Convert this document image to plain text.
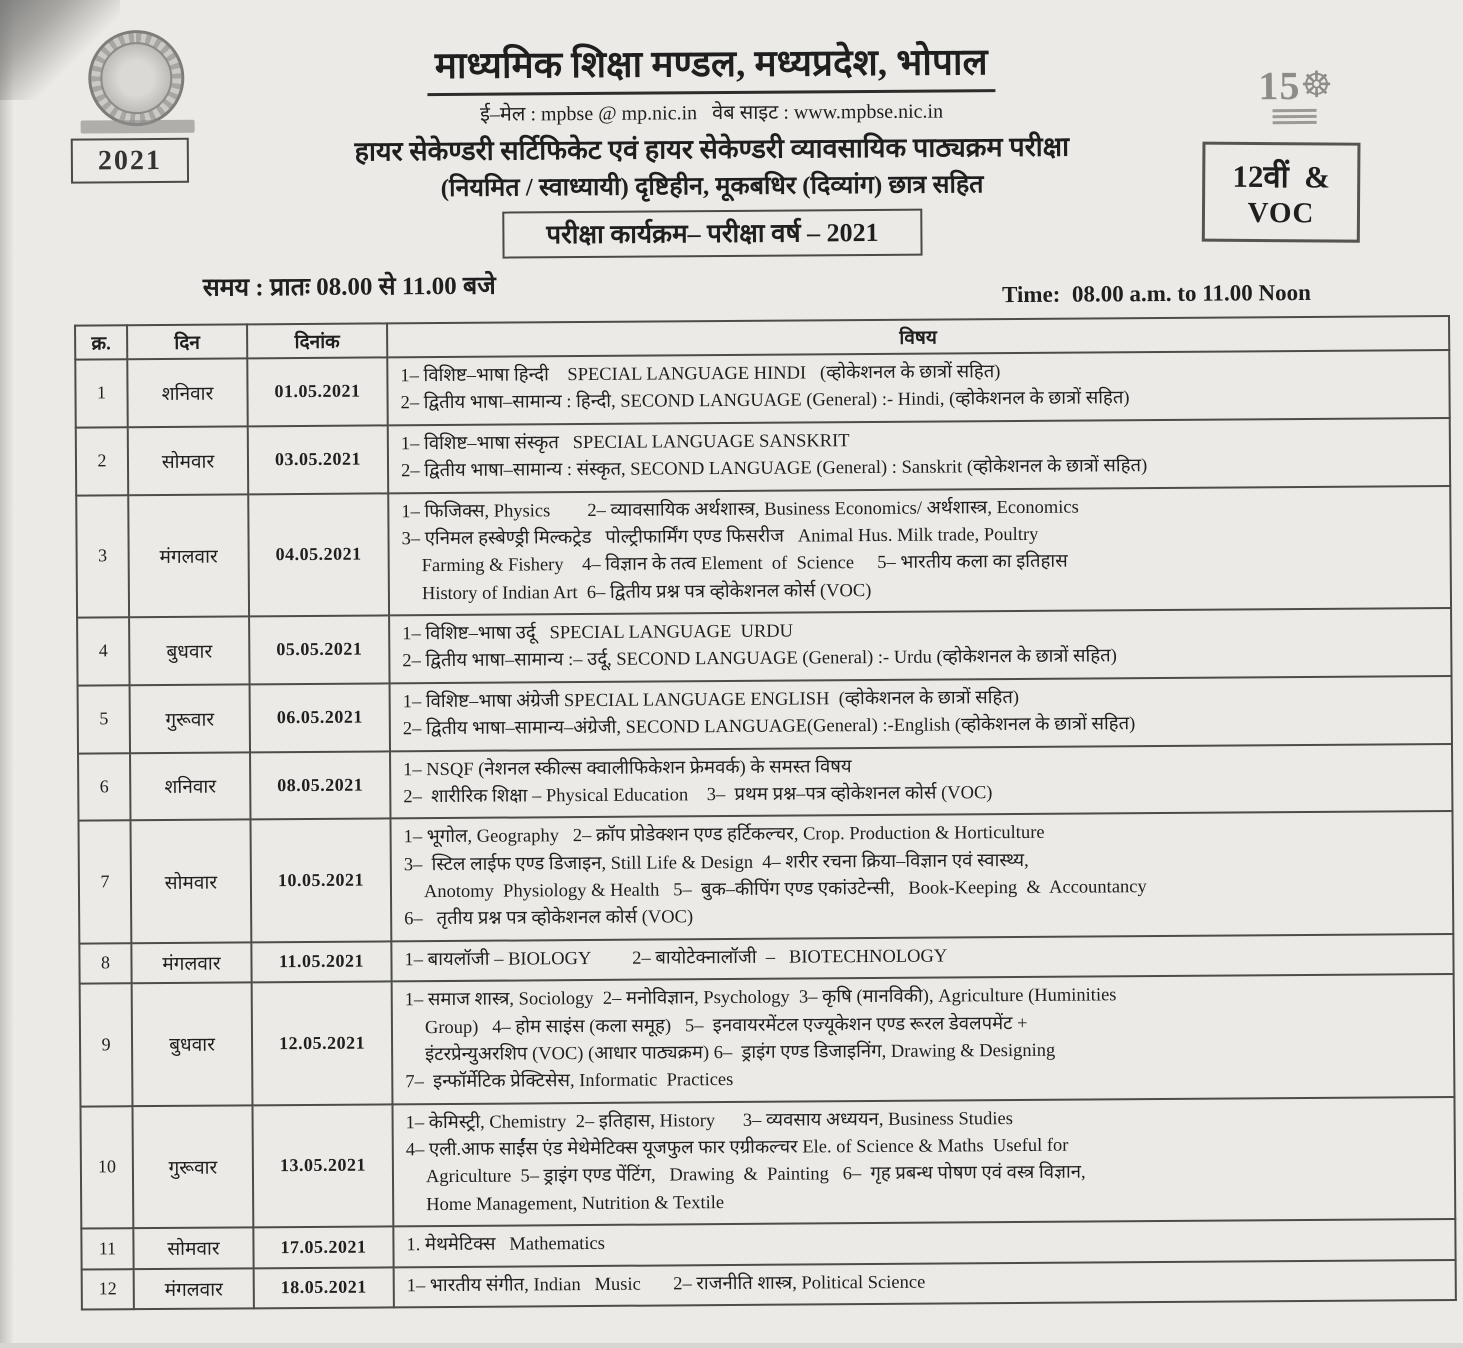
2021
माध्यमिक शिक्षा मण्डल, मध्यप्रदेश, भोपाल
ई–मेल : mpbse @ mp.nic.in   वेब साइट : www.mpbse.nic.in
हायर सेकेण्डरी सर्टिफिकेट एवं हायर सेकेण्डरी व्यावसायिक पाठ्यक्रम परीक्षा
(नियमित / स्वाध्यायी) दृष्टिहीन, मूकबधिर (दिव्यांग) छात्र सहित
परीक्षा कार्यक्रम– परीक्षा वर्ष – 2021
15☸
12वीं  &
VOC
समय : प्रातः 08.00 से 11.00 बजे	Time:  08.00 a.m. to 11.00 Noon
क्र.	दिन	दिनांक	विषय
1	शनिवार	01.05.2021	1– विशिष्ट–भाषा हिन्दी    SPECIAL LANGUAGE HINDI   (व्होकेशनल के छात्रों सहित)
2– द्वितीय भाषा–सामान्य : हिन्दी, SECOND LANGUAGE (General) :- Hindi, (व्होकेशनल के छात्रों सहित)

2	सोमवार	03.05.2021	1– विशिष्ट–भाषा संस्कृत   SPECIAL LANGUAGE SANSKRIT
2– द्वितीय भाषा–सामान्य : संस्कृत, SECOND LANGUAGE (General) : Sanskrit (व्होकेशनल के छात्रों सहित)

3	मंगलवार	04.05.2021	1– फिजिक्स, Physics        2– व्यावसायिक अर्थशास्त्र, Business Economics/ अर्थशास्त्र, Economics
3– एनिमल हस्बेण्ड्री मिल्कट्रेड   पोल्ट्रीफार्मिंग एण्ड फिसरीज   Animal Hus. Milk trade, Poultry
Farming & Fishery    4– विज्ञान के तत्व Element  of  Science     5– भारतीय कला का इतिहास
History of Indian Art  6– द्वितीय प्रश्न पत्र व्होकेशनल कोर्स (VOC)

4	बुधवार	05.05.2021	1– विशिष्ट–भाषा उर्दू   SPECIAL LANGUAGE  URDU
2– द्वितीय भाषा–सामान्य :– उर्दू, SECOND LANGUAGE (General) :- Urdu (व्होकेशनल के छात्रों सहित)

5	गुरूवार	06.05.2021	1– विशिष्ट–भाषा अंग्रेजी SPECIAL LANGUAGE ENGLISH  (व्होकेशनल के छात्रों सहित)
2– द्वितीय भाषा–सामान्य–अंग्रेजी, SECOND LANGUAGE(General) :-English (व्होकेशनल के छात्रों सहित)

6	शनिवार	08.05.2021	1– NSQF (नेशनल स्कील्स क्वालीफिकेशन फ्रेमवर्क) के समस्त विषय
2–  शारीरिक शिक्षा – Physical Education    3–  प्रथम प्रश्न–पत्र व्होकेशनल कोर्स (VOC)

7	सोमवार	10.05.2021	1– भूगोल, Geography   2– क्रॉप प्रोडेक्शन एण्ड हर्टिकल्चर, Crop. Production & Horticulture
3–  स्टिल लाईफ एण्ड डिजाइन, Still Life & Design  4– शरीर रचना क्रिया–विज्ञान एवं स्वास्थ्य,
Anotomy  Physiology & Health   5–  बुक–कीपिंग एण्ड एकांउटेन्सी,   Book-Keeping  &  Accountancy
6–   तृतीय प्रश्न पत्र व्होकेशनल कोर्स (VOC)

8	मंगलवार	11.05.2021	1– बायलॉजी – BIOLOGY         2– बायोटेक्नालॉजी  –   BIOTECHNOLOGY

9	बुधवार	12.05.2021	1– समाज शास्त्र, Sociology  2– मनोविज्ञान, Psychology  3– कृषि (मानविकी), Agriculture (Huminities
Group)   4– होम साइंस (कला समूह)   5–  इनवायरमेंटल एज्यूकेशन एण्ड रूरल डेवलपमेंट +
इंटरप्रेन्युअरशिप (VOC) (आधार पाठ्यक्रम) 6–  ड्राइंग एण्ड डिजाइनिंग, Drawing & Designing
7–  इन्फॉर्मेटिक प्रेक्टिसेस, Informatic  Practices

10	गुरूवार	13.05.2021	1– केमिस्ट्री, Chemistry  2– इतिहास, History      3– व्यवसाय अध्ययन, Business Studies
4– एली.आफ साईंस एंड मेथेमेटिक्स यूजफुल फार एग्रीकल्चर Ele. of Science & Maths  Useful for
Agriculture  5– ड्राइंग एण्ड पेंटिंग,   Drawing  &  Painting   6–  गृह प्रबन्ध पोषण एवं वस्त्र विज्ञान,
Home Management, Nutrition & Textile

11	सोमवार	17.05.2021	1. मेथमेटिक्स   Mathematics

12	मंगलवार	18.05.2021	1– भारतीय संगीत, Indian   Music       2– राजनीति शास्त्र, Political Science
